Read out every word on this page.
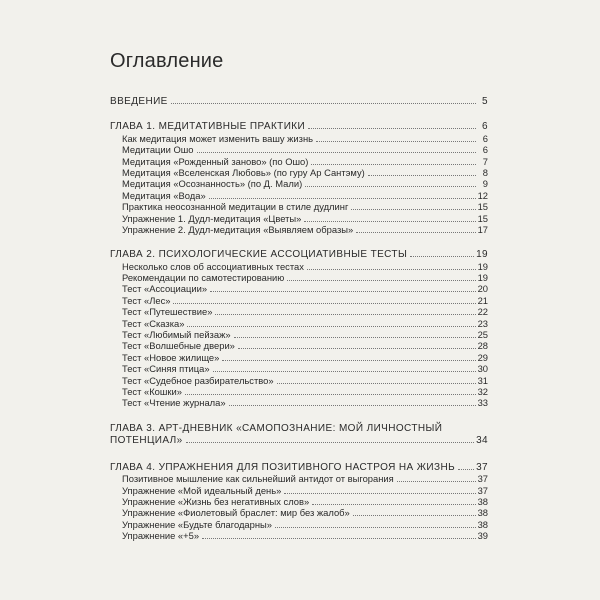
Оглавление
ВВЕДЕНИЕ	5
ГЛАВА 1. МЕДИТАТИВНЫЕ ПРАКТИКИ	6
Как медитация может изменить вашу жизнь	6
Медитации Ошо	6
Медитация «Рожденный заново» (по Ошо)	7
Медитация «Вселенская Любовь» (по гуру Ар Сантэму)	8
Медитация «Осознанность» (по Д. Мали)	9
Медитация «Вода»	12
Практика неосознанной медитации в стиле дудлинг	15
Упражнение 1. Дудл-медитация «Цветы»	15
Упражнение 2. Дудл-медитация «Выявляем образы»	17
ГЛАВА 2. ПСИХОЛОГИЧЕСКИЕ АССОЦИАТИВНЫЕ ТЕСТЫ	19
Несколько слов об ассоциативных тестах	19
Рекомендации по самотестированию	19
Тест «Ассоциации»	20
Тест «Лес»	21
Тест «Путешествие»	22
Тест «Сказка»	23
Тест «Любимый пейзаж»	25
Тест «Волшебные двери»	28
Тест «Новое жилище»	29
Тест «Синяя птица»	30
Тест «Судебное разбирательство»	31
Тест «Кошки»	32
Тест «Чтение журнала»	33
ГЛАВА 3. АРТ-ДНЕВНИК «САМОПОЗНАНИЕ: МОЙ ЛИЧНОСТНЫЙ
ПОТЕНЦИАЛ»	34
ГЛАВА 4. УПРАЖНЕНИЯ ДЛЯ ПОЗИТИВНОГО НАСТРОЯ НА ЖИЗНЬ 37
Позитивное мышление как сильнейший антидот от выгорания	37
Упражнение «Мой идеальный день»	37
Упражнение «Жизнь без негативных слов»	38
Упражнение «Фиолетовый браслет: мир без жалоб»	38
Упражнение «Будьте благодарны»	38
Упражнение «+5»	39
